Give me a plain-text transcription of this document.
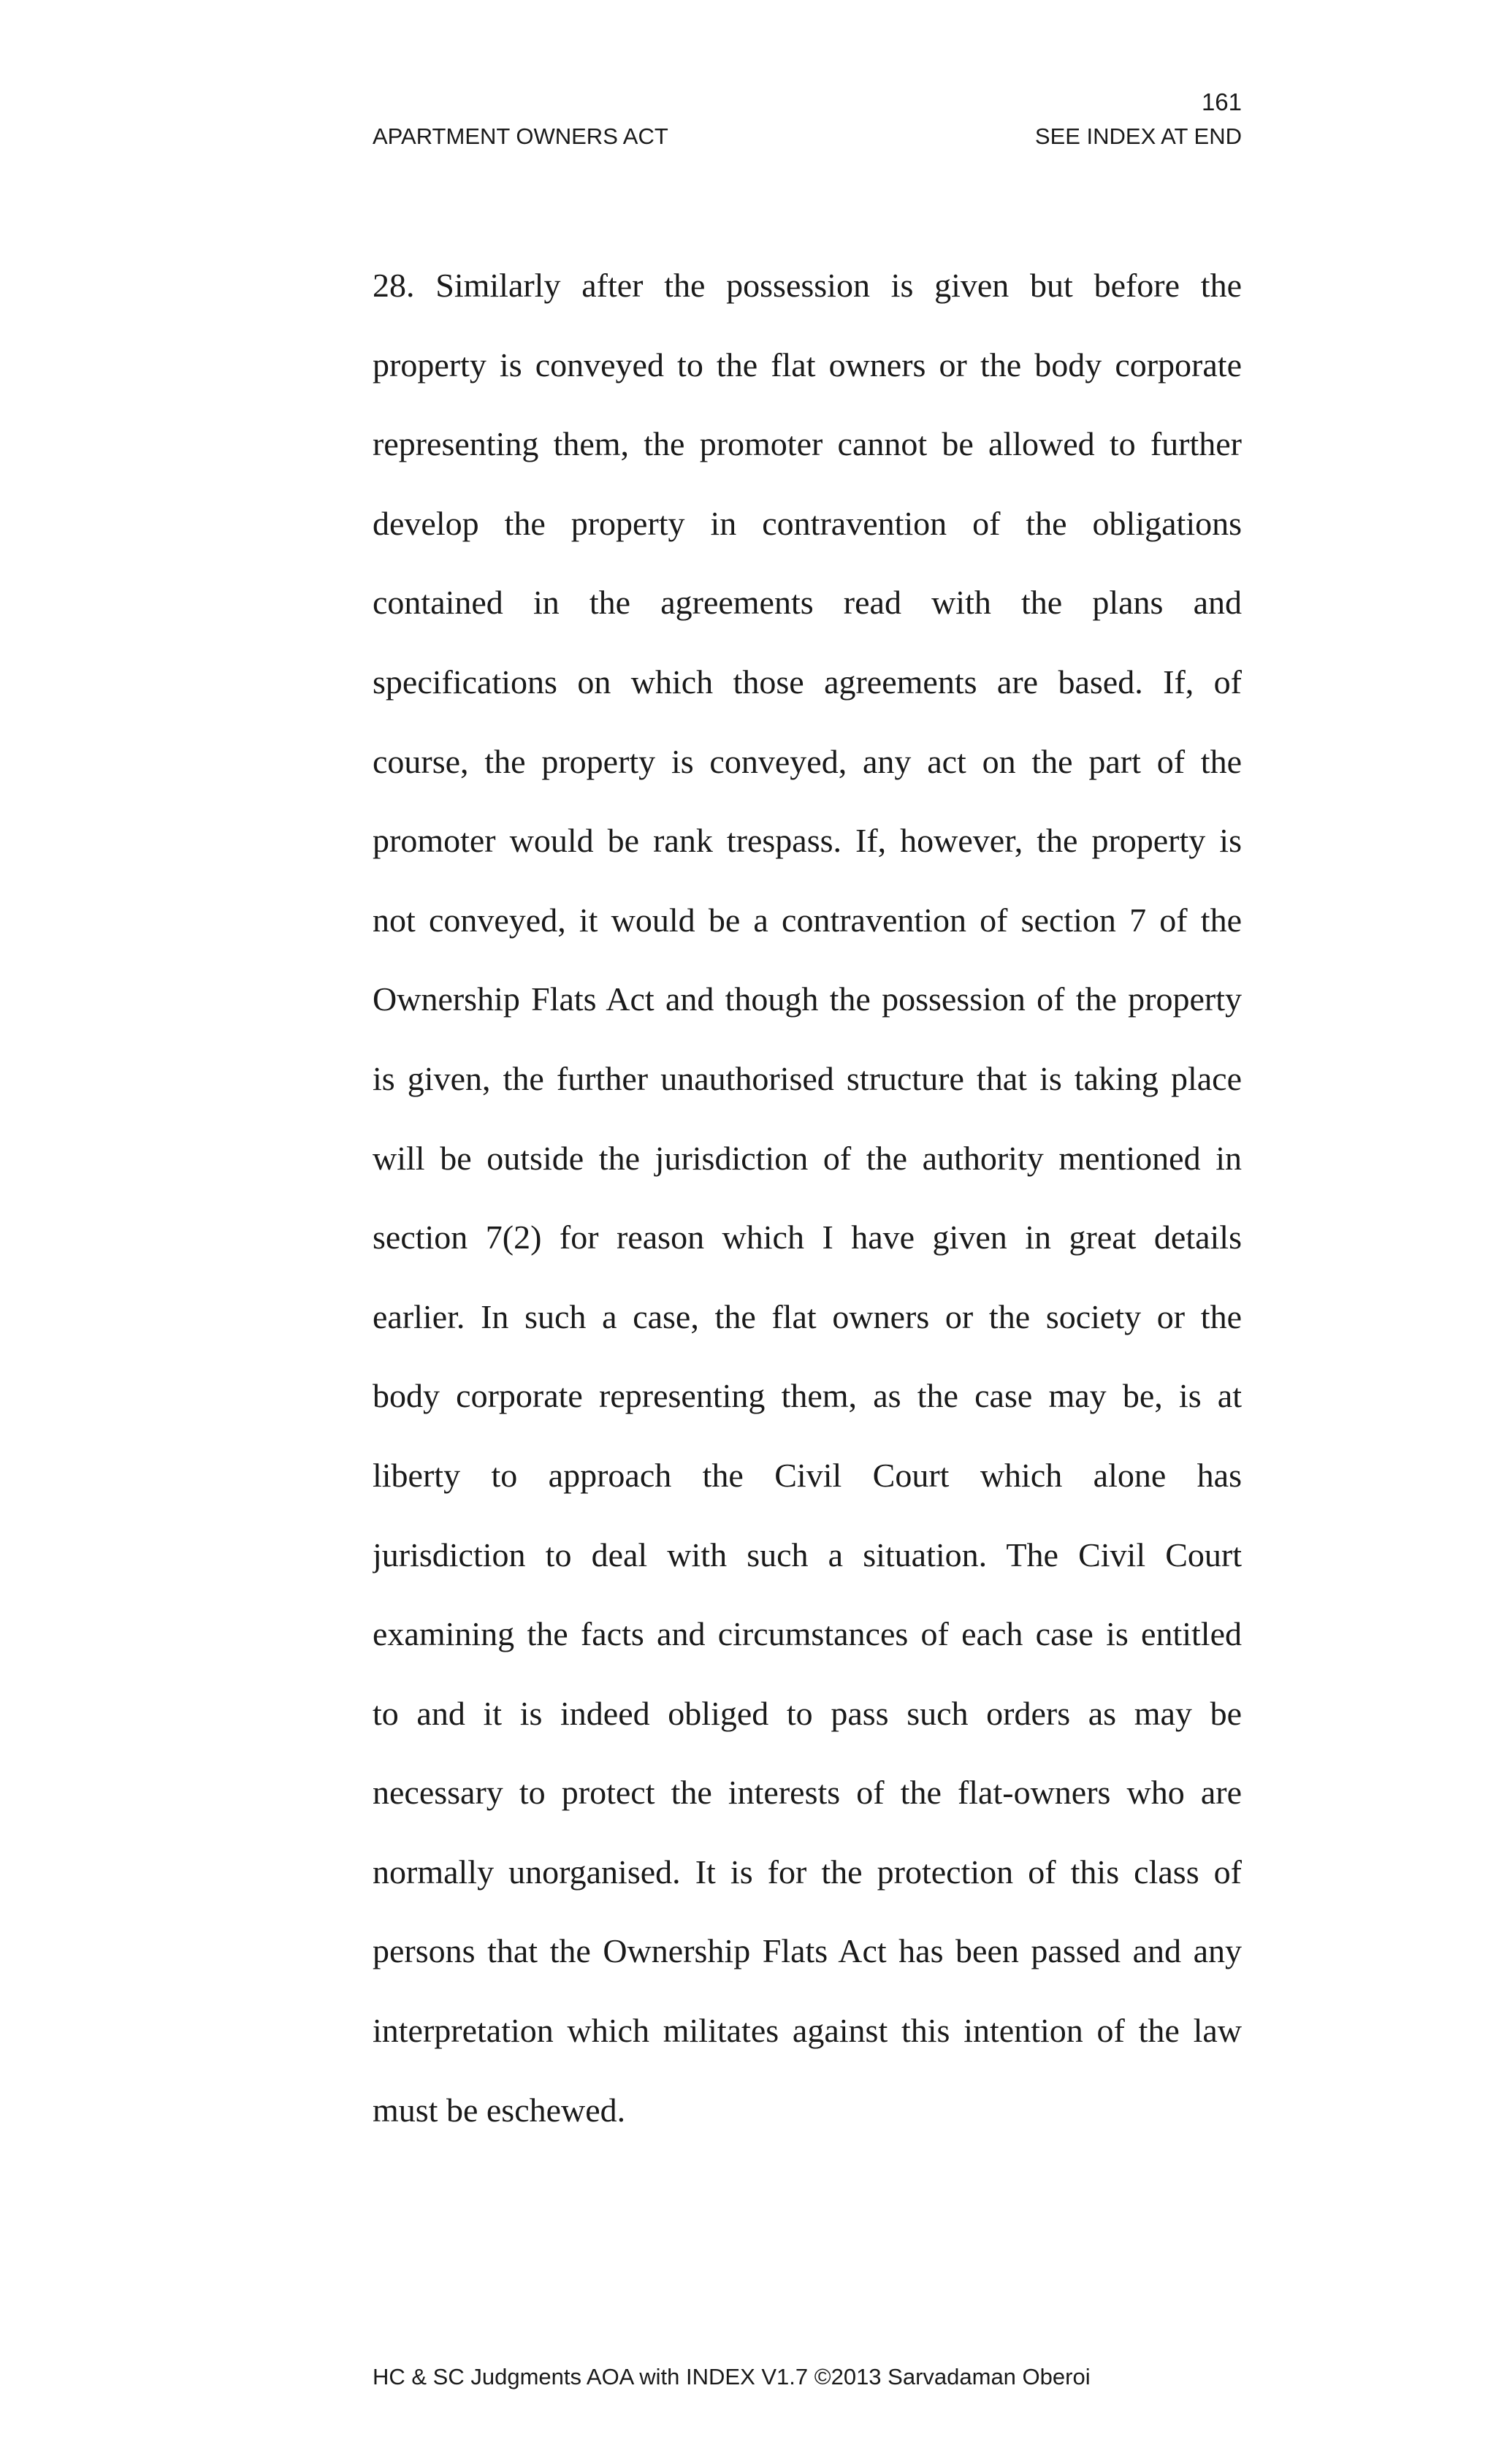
161
APARTMENT OWNERS ACT	SEE INDEX AT END
28. Similarly after the possession is given but before the
property is conveyed to the flat owners or the body corporate
representing them, the promoter cannot be allowed to further
develop the property in contravention of the obligations
contained in the agreements read with the plans and
specifications on which those agreements are based. If, of
course, the property is conveyed, any act on the part of the
promoter would be rank trespass. If, however, the property is
not conveyed, it would be a contravention of section 7 of the
Ownership Flats Act and though the possession of the property
is given, the further unauthorised structure that is taking place
will be outside the jurisdiction of the authority mentioned in
section 7(2) for reason which I have given in great details
earlier. In such a case, the flat owners or the society or the
body corporate representing them, as the case may be, is at
liberty to approach the Civil Court which alone has
jurisdiction to deal with such a situation. The Civil Court
examining the facts and circumstances of each case is entitled
to and it is indeed obliged to pass such orders as may be
necessary to protect the interests of the flat-owners who are
normally unorganised. It is for the protection of this class of
persons that the Ownership Flats Act has been passed and any
interpretation which militates against this intention of the law
must be eschewed.
HC & SC Judgments AOA with INDEX V1.7 ©2013 Sarvadaman Oberoi
